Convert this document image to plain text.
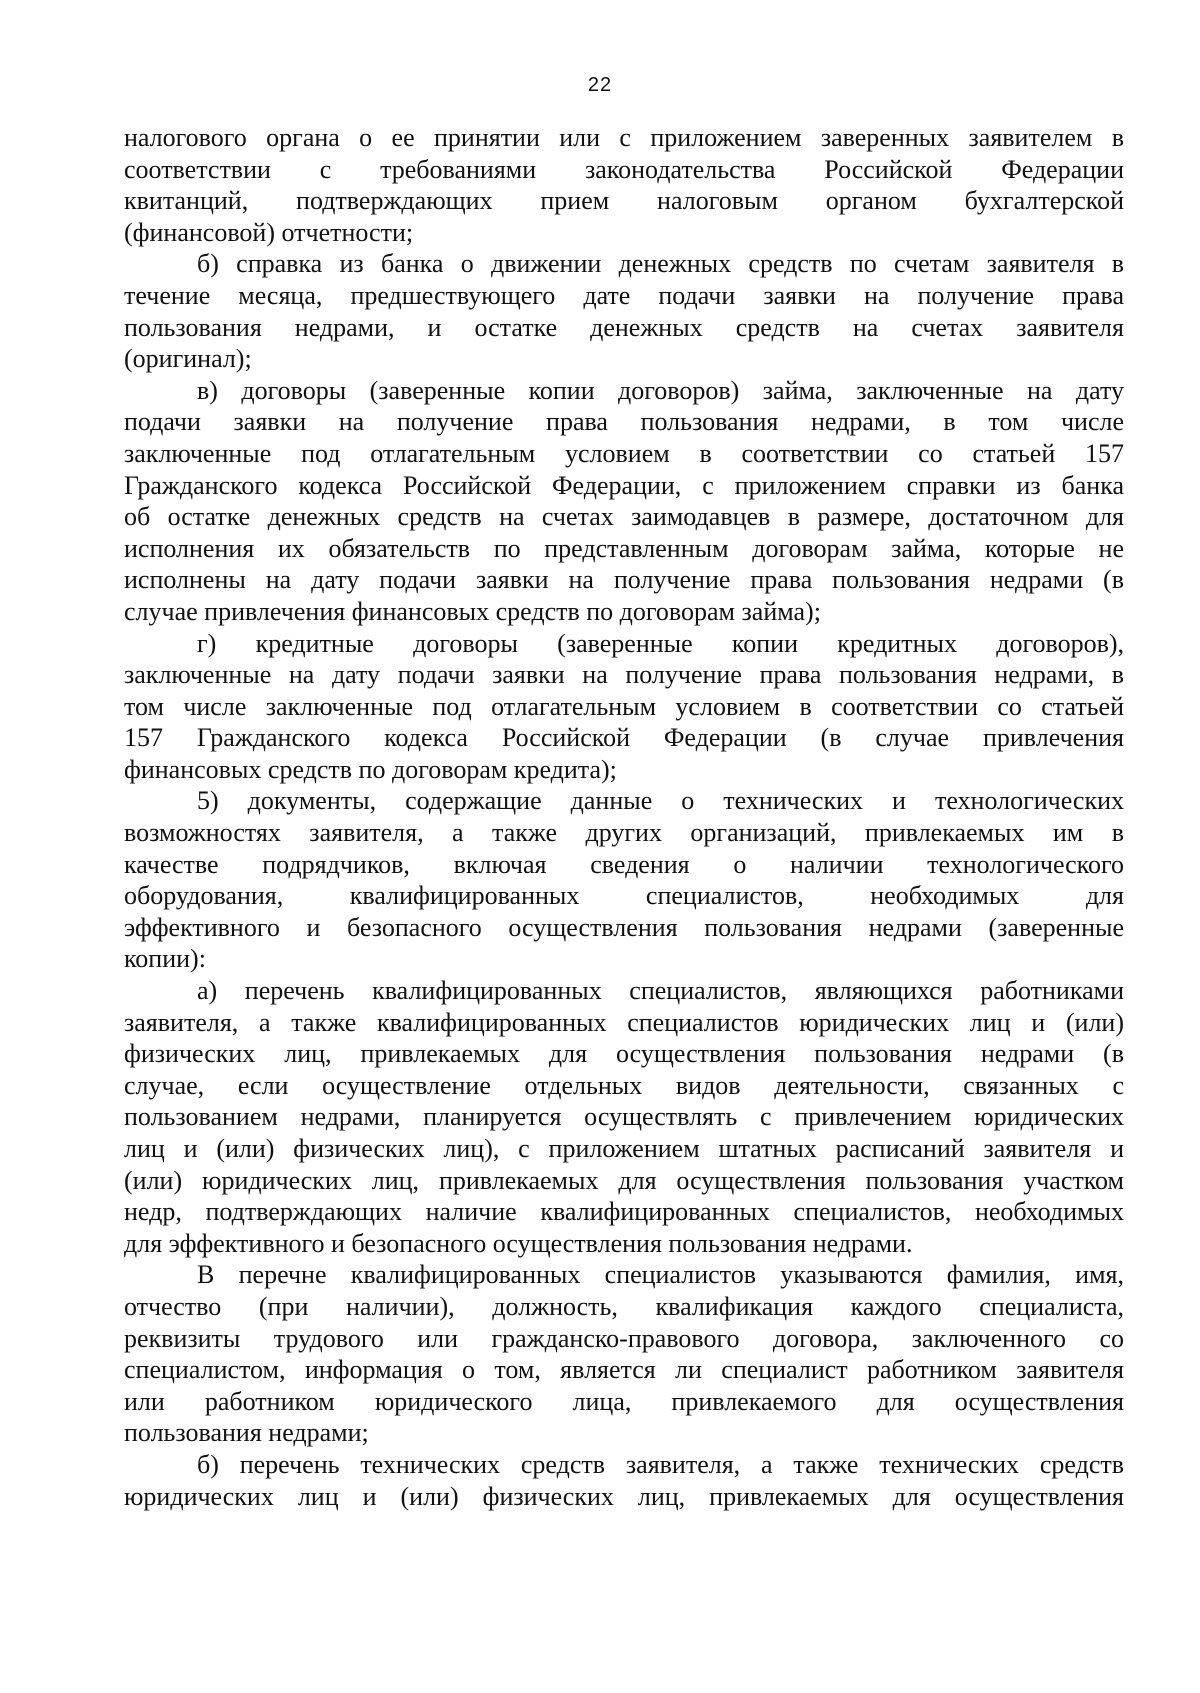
22
налогового органа о ее принятии или с приложением заверенных заявителем в
соответствии с требованиями законодательства Российской Федерации
квитанций, подтверждающих прием налоговым органом бухгалтерской
(финансовой) отчетности;
б) справка из банка о движении денежных средств по счетам заявителя в
течение месяца, предшествующего дате подачи заявки на получение права
пользования недрами, и остатке денежных средств на счетах заявителя
(оригинал);
в) договоры (заверенные копии договоров) займа, заключенные на дату
подачи заявки на получение права пользования недрами, в том числе
заключенные под отлагательным условием в соответствии со статьей 157
Гражданского кодекса Российской Федерации, с приложением справки из банка
об остатке денежных средств на счетах заимодавцев в размере, достаточном для
исполнения их обязательств по представленным договорам займа, которые не
исполнены на дату подачи заявки на получение права пользования недрами (в
случае привлечения финансовых средств по договорам займа);
г) кредитные договоры (заверенные копии кредитных договоров),
заключенные на дату подачи заявки на получение права пользования недрами, в
том числе заключенные под отлагательным условием в соответствии со статьей
157 Гражданского кодекса Российской Федерации (в случае привлечения
финансовых средств по договорам кредита);
5) документы, содержащие данные о технических и технологических
возможностях заявителя, а также других организаций, привлекаемых им в
качестве подрядчиков, включая сведения о наличии технологического
оборудования, квалифицированных специалистов, необходимых для
эффективного и безопасного осуществления пользования недрами (заверенные
копии):
а) перечень квалифицированных специалистов, являющихся работниками
заявителя, а также квалифицированных специалистов юридических лиц и (или)
физических лиц, привлекаемых для осуществления пользования недрами (в
случае, если осуществление отдельных видов деятельности, связанных с
пользованием недрами, планируется осуществлять с привлечением юридических
лиц и (или) физических лиц), с приложением штатных расписаний заявителя и
(или) юридических лиц, привлекаемых для осуществления пользования участком
недр, подтверждающих наличие квалифицированных специалистов, необходимых
для эффективного и безопасного осуществления пользования недрами.
В перечне квалифицированных специалистов указываются фамилия, имя,
отчество (при наличии), должность, квалификация каждого специалиста,
реквизиты трудового или гражданско-правового договора, заключенного со
специалистом, информация о том, является ли специалист работником заявителя
или работником юридического лица, привлекаемого для осуществления
пользования недрами;
б) перечень технических средств заявителя, а также технических средств
юридических лиц и (или) физических лиц, привлекаемых для осуществления
